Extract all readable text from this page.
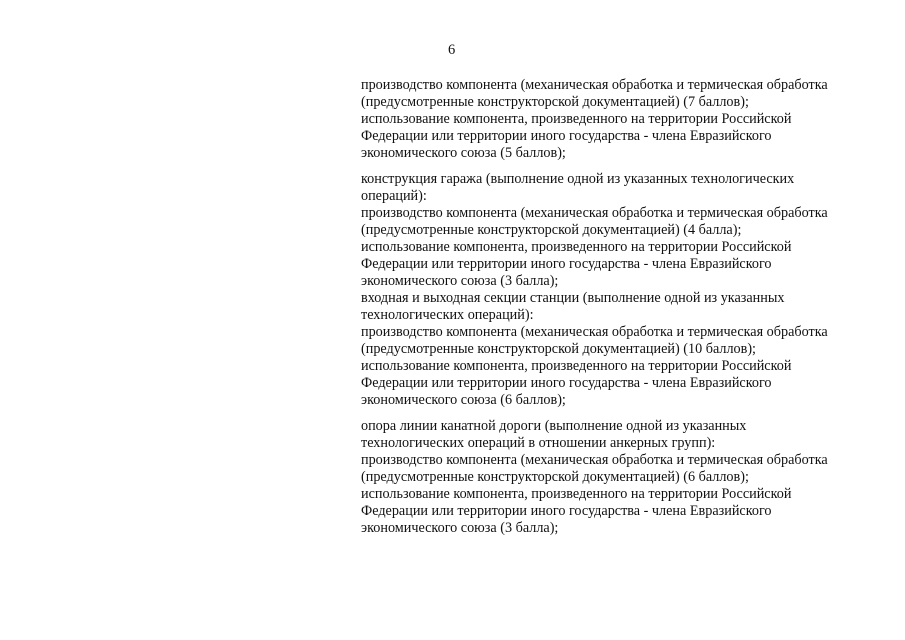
6
производство компонента (механическая обработка и термическая обработка
(предусмотренные конструкторской документацией) (7 баллов);
использование компонента, произведенного на территории Российской
Федерации или территории иного государства - члена Евразийского
экономического союза (5 баллов);
конструкция гаража (выполнение одной из указанных технологических
операций):
производство компонента (механическая обработка и термическая обработка
(предусмотренные конструкторской документацией) (4 балла);
использование компонента, произведенного на территории Российской
Федерации или территории иного государства - члена Евразийского
экономического союза (3 балла);
входная и выходная секции станции (выполнение одной из указанных
технологических операций):
производство компонента (механическая обработка и термическая обработка
(предусмотренные конструкторской документацией) (10 баллов);
использование компонента, произведенного на территории Российской
Федерации или территории иного государства - члена Евразийского
экономического союза (6 баллов);
опора линии канатной дороги (выполнение одной из указанных
технологических операций в отношении анкерных групп):
производство компонента (механическая обработка и термическая обработка
(предусмотренные конструкторской документацией) (6 баллов);
использование компонента, произведенного на территории Российской
Федерации или территории иного государства - члена Евразийского
экономического союза (3 балла);
